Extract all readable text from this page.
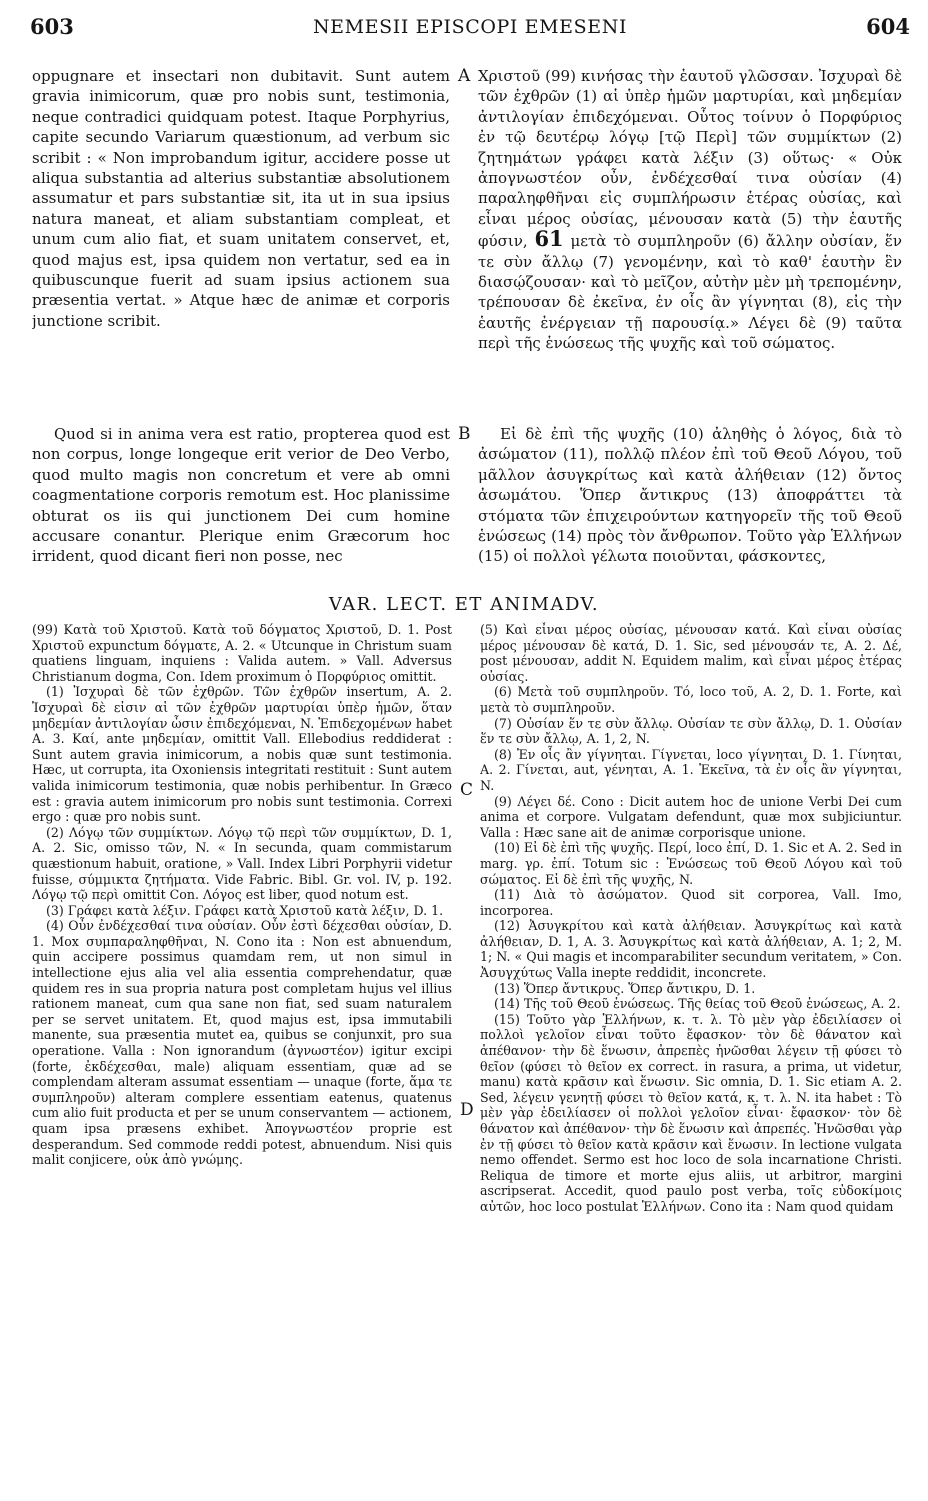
603	NEMESII EPISCOPI EMESENI	604

oppugnare et insectari non dubitavit. Sunt autem gravia inimicorum, quæ pro nobis sunt, testimonia, neque contradici quidquam potest. Itaque Porphyrius, capite secundo Variarum quæstionum, ad verbum sic scribit : « Non improbandum igitur, accidere posse ut aliqua substantia ad alterius substantiæ absolutionem assumatur et pars substantiæ sit, ita ut in sua ipsius natura maneat, et aliam substantiam compleat, et unum cum alio fiat, et suam unitatem conservet, et, quod majus est, ipsa quidem non vertatur, sed ea in quibuscunque fuerit ad suam ipsius actionem sua præsentia vertat. » Atque hæc de animæ et corporis junctione scribit.

Quod si in anima vera est ratio, propterea quod est non corpus, longe longeque erit verior de Deo Verbo, quod multo magis non concretum et vere ab omni coagmentatione corporis remotum est. Hoc planissime obturat os iis qui junctionem Dei cum homine accusare conantur. Plerique enim Græcorum hoc irrident, quod dicant fieri non posse, nec

Χριστοῦ (99) κινήσας τὴν ἑαυτοῦ γλῶσσαν. Ἰσχυραὶ δὲ τῶν ἐχθρῶν (1) αἱ ὑπὲρ ἡμῶν μαρτυρίαι, καὶ μηδεμίαν ἀντιλογίαν ἐπιδεχόμεναι. Οὗτος τοίνυν ὁ Πορφύριος ἐν τῷ δευτέρῳ λόγῳ [τῷ Περὶ] τῶν συμμίκτων (2) ζητημάτων γράφει κατὰ λέξιν (3) οὕτως· « Οὐκ ἀπογνωστέον οὖν, ἐνδέχεσθαί τινα οὐσίαν (4) παραληφθῆναι εἰς συμπλήρωσιν ἑτέρας οὐσίας, καὶ εἶναι μέρος οὐσίας, μένουσαν κατὰ (5) τὴν ἑαυτῆς φύσιν, 61 μετὰ τὸ συμπληροῦν (6) ἄλλην οὐσίαν, ἕν τε σὺν ἄλλῳ (7) γενομένην, καὶ τὸ καθ' ἑαυτὴν ἓν διασῴζουσαν· καὶ τὸ μεῖζον, αὐτὴν μὲν μὴ τρεπομένην, τρέπουσαν δὲ ἐκεῖνα, ἐν οἷς ἂν γίγνηται (8), εἰς τὴν ἑαυτῆς ἐνέργειαν τῇ παρουσίᾳ.» Λέγει δὲ (9) ταῦτα περὶ τῆς ἑνώσεως τῆς ψυχῆς καὶ τοῦ σώματος.

Εἰ δὲ ἐπὶ τῆς ψυχῆς (10) ἀληθὴς ὁ λόγος, διὰ τὸ ἀσώματον (11), πολλῷ πλέον ἐπὶ τοῦ Θεοῦ Λόγου, τοῦ μᾶλλον ἀσυγκρίτως καὶ κατὰ ἀλήθειαν (12) ὄντος ἀσωμάτου. Ὅπερ ἄντικρυς (13) ἀποφράττει τὰ στόματα τῶν ἐπιχειρούντων κατηγορεῖν τῆς τοῦ Θεοῦ ἑνώσεως (14) πρὸς τὸν ἄνθρωπον. Τοῦτο γὰρ Ἑλλήνων (15) οἱ πολλοὶ γέλωτα ποιοῦνται, φάσκοντες,

A
B
C
D
VAR. LECT. ET ANIMADV.

(99) Κατὰ τοῦ Χριστοῦ. Κατὰ τοῦ δόγματος Χριστοῦ, D. 1. Post Χριστοῦ expunctum δόγματε, A. 2. « Utcunque in Christum suam quatiens linguam, inquiens : Valida autem. » Vall. Adversus Christianum dogma, Con. Idem proximum ὁ Πορφύριος omittit.

(1) Ἰσχυραὶ δὲ τῶν ἐχθρῶν. Τῶν ἐχθρῶν insertum, A. 2. Ἰσχυραὶ δὲ εἰσιν αἱ τῶν ἐχθρῶν μαρτυρίαι ὑπὲρ ἡμῶν, ὅταν μηδεμίαν ἀντιλογίαν ὦσιν ἐπιδεχόμεναι, N. Ἐπιδεχομένων habet A. 3. Καί, ante μηδεμίαν, omittit Vall. Ellebodius reddiderat : Sunt autem gravia inimicorum, a nobis quæ sunt testimonia. Hæc, ut corrupta, ita Oxoniensis integritati restituit : Sunt autem valida inimicorum testimonia, quæ nobis perhibentur. In Græco est : gravia autem inimicorum pro nobis sunt testimonia. Correxi ergo : quæ pro nobis sunt.

(2) Λόγῳ τῶν συμμίκτων. Λόγῳ τῷ περὶ τῶν συμμίκτων, D. 1, A. 2. Sic, omisso τῶν, N. « In secunda, quam commistarum quæstionum habuit, oratione, » Vall. Index Libri Porphyrii videtur fuisse, σύμμικτα ζητήματα. Vide Fabric. Bibl. Gr. vol. IV, p. 192. Λόγῳ τῷ περὶ omittit Con. Λόγος est liber, quod notum est.

(3) Γράφει κατὰ λέξιν. Γράφει κατὰ Χριστοῦ κατὰ λέξιν, D. 1.

(4) Οὖν ἐνδέχεσθαί τινα οὐσίαν. Οὖν ἐστὶ δέχεσθαι οὐσίαν, D. 1. Mox συμπαραληφθῆναι, N. Cono ita : Non est abnuendum, quin accipere possimus quamdam rem, ut non simul in intellectione ejus alia vel alia essentia comprehendatur, quæ quidem res in sua propria natura post completam hujus vel illius rationem maneat, cum qua sane non fiat, sed suam naturalem per se servet unitatem. Et, quod majus est, ipsa immutabili manente, sua præsentia mutet ea, quibus se conjunxit, pro sua operatione. Valla : Non ignorandum (ἀγνωστέον) igitur excipi (forte, ἐκδέχεσθαι, male) aliquam essentiam, quæ ad se complendam alteram assumat essentiam — unaque (forte, ἅμα τε συμπληροῦν) alteram complere essentiam eatenus, quatenus cum alio fuit producta et per se unum conservantem — actionem, quam ipsa præsens exhibet. Ἀπογνωστέον proprie est desperandum. Sed commode reddi potest, abnuendum. Nisi quis malit conjicere, οὐκ ἀπὸ γνώμης.

(5) Καὶ εἶναι μέρος οὐσίας, μένουσαν κατά. Καὶ εἶναι οὐσίας μέρος μένουσαν δὲ κατά, D. 1. Sic, sed μένουσάν τε, A. 2. Δέ, post μένουσαν, addit N. Equidem malim, καὶ εἶναι μέρος ἑτέρας οὐσίας.

(6) Μετὰ τοῦ συμπληροῦν. Τό, loco τοῦ, A. 2, D. 1. Forte, καὶ μετὰ τὸ συμπληροῦν.

(7) Οὐσίαν ἕν τε σὺν ἄλλῳ. Οὐσίαν τε σὺν ἄλλῳ, D. 1. Οὐσίαν ἕν τε σὺν ἄλλῳ, A. 1, 2, N.

(8) Ἐν οἷς ἂν γίγνηται. Γίγνεται, loco γίγνηται, D. 1. Γίνηται, A. 2. Γίνεται, aut, γένηται, A. 1. Ἐκεῖνα, τὰ ἐν οἷς ἂν γίγνηται, N.

(9) Λέγει δέ. Cono : Dicit autem hoc de unione Verbi Dei cum anima et corpore. Vulgatam defendunt, quæ mox subjiciuntur. Valla : Hæc sane ait de animæ corporisque unione.

(10) Εἰ δὲ ἐπὶ τῆς ψυχῆς. Περί, loco ἐπί, D. 1. Sic et A. 2. Sed in marg. γρ. ἐπί. Totum sic : Ἑνώσεως τοῦ Θεοῦ Λόγου καὶ τοῦ σώματος. Εἰ δὲ ἐπὶ τῆς ψυχῆς, N.

(11) Διὰ τὸ ἀσώματον. Quod sit corporea, Vall. Imo, incorporea.

(12) Ἀσυγκρίτου καὶ κατὰ ἀλήθειαν. Ἀσυγκρίτως καὶ κατὰ ἀλήθειαν, D. 1, A. 3. Ἀσυγκρίτως καὶ κατὰ ἀλήθειαν, A. 1; 2, M. 1; N. « Qui magis et incomparabiliter secundum veritatem, » Con. Ἀσυγχύτως Valla inepte reddidit, inconcrete.

(13) Ὅπερ ἄντικρυς. Ὅπερ ἄντικρυ, D. 1.

(14) Τῆς τοῦ Θεοῦ ἑνώσεως. Τῆς θείας τοῦ Θεοῦ ἑνώσεως, A. 2.

(15) Τοῦτο γὰρ Ἑλλήνων, κ. τ. λ. Τὸ μὲν γὰρ ἐδειλίασεν οἱ πολλοὶ γελοῖον εἶναι τοῦτο ἔφασκον· τὸν δὲ θάνατον καὶ ἀπέθανον· τὴν δὲ ἕνωσιν, ἀπρεπὲς ἠνῶσθαι λέγειν τῇ φύσει τὸ θεῖον (φύσει τὸ θεῖον ex correct. in rasura, a prima, ut videtur, manu) κατὰ κρᾶσιν καὶ ἕνωσιν. Sic omnia, D. 1. Sic etiam A. 2. Sed, λέγειν γενητῇ φύσει τὸ θεῖον κατά, κ. τ. λ. N. ita habet : Τὸ μὲν γὰρ ἐδειλίασεν οἱ πολλοὶ γελοῖον εἶναι· ἔφασκον· τὸν δὲ θάνατον καὶ ἀπέθανον· τὴν δὲ ἕνωσιν καὶ ἀπρεπές. Ἠνῶσθαι γὰρ ἐν τῇ φύσει τὸ θεῖον κατὰ κρᾶσιν καὶ ἕνωσιν. In lectione vulgata nemo offendet. Sermo est hoc loco de sola incarnatione Christi. Reliqua de timore et morte ejus aliis, ut arbitror, margini ascripserat. Accedit, quod paulo post verba, τοῖς εὐδοκίμοις αὐτῶν, hoc loco postulat Ἑλλήνων. Cono ita : Nam quod quidam
